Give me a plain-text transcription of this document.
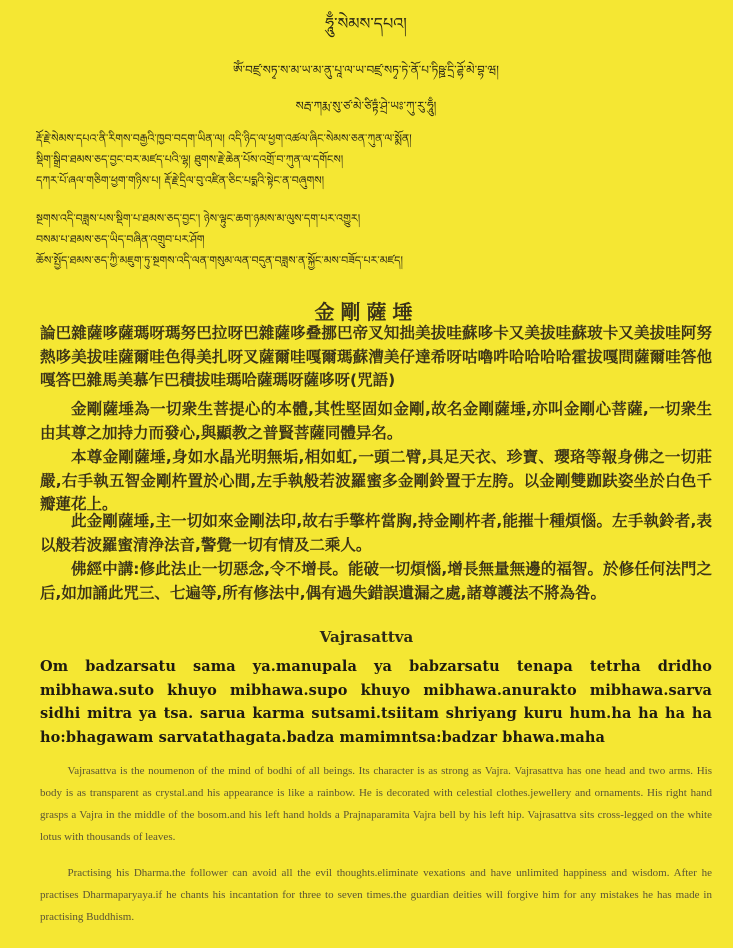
ཧཱུྃ་སེམས་དཔའ།
ཨོཾ་བཛྲ་སཏྭ་ས་མ་ཡ་མ་ནུ་པཱ་ལ་ཡ་བཛྲ་སཏྭ་ཏེ་ནོ་པ་ཏིཥྛ་དྲི་ཌྷོ་མེ་བྷ་ཝ།
སརྦ་ཀརྨ་སུ་ཙ་མེ་ཙིཏྟཾ་ཤྲེ་ཡཿ་ཀུ་རུ་ཧཱུྃ།
རྡོ་རྗེ་སེམས་དཔའ་ནི་རིགས་བརྒྱའི་ཁྱབ་བདག་ཡིན་ལ། འདི་ཉིད་ལ་ཕྱག་འཚལ་ཞིང་སེམས་ཅན་ཀུན་ལ་སྨོན།
སྡིག་སྒྲིབ་ཐམས་ཅད་བྱང་བར་མཛད་པའི་ལྷ། ཐུགས་རྗེ་ཆེན་པོས་འགྲོ་བ་ཀུན་ལ་དགོངས།
དཀར་པོ་ཞལ་གཅིག་ཕྱག་གཉིས་པ། རྡོ་རྗེ་དྲིལ་བུ་འཛིན་ཅིང་པདྨའི་སྟེང་ན་བཞུགས།
སྔགས་འདི་བཟླས་པས་སྡིག་པ་ཐམས་ཅད་བྱང་། ཉེས་ལྟུང་ཆག་ཉམས་མ་ལུས་དག་པར་འགྱུར།
བསམ་པ་ཐམས་ཅད་ཡིད་བཞིན་འགྲུབ་པར་ཤོག
ཆོས་སྤྱོད་ཐམས་ཅད་ཀྱི་མཇུག་ཏུ་སྔགས་འདི་ལན་གསུམ་ལན་བདུན་བཟླས་ན་སྐྱོང་མས་བཟོད་པར་མཛད།
金剛薩埵
論巴雜薩哆薩瑪呀瑪努巴拉呀巴雜薩哆叠挪巴帝叉知拙美拔哇蘇哆卡又美拔哇蘇玻卡又美拔哇阿努熱哆美拔哇薩爾哇色得美扎呀叉薩爾哇嘎爾瑪蘇漕美仔達希呀咕嚕吽哈哈哈哈霍拔嘎問薩爾哇答他嘎答巴雜馬美慕乍巴積拔哇瑪哈薩瑪呀薩哆呀(咒語)
金剛薩埵為一切衆生菩提心的本體,其性堅固如金剛,故名金剛薩埵,亦叫金剛心菩薩,一切衆生由其尊之加持力而發心,與顯教之普賢菩薩同體异名。
本尊金剛薩埵,身如水晶光明無垢,相如虹,一頭二臂,具足天衣、珍寶、瓔珞等報身佛之一切莊嚴,右手執五智金剛杵置於心間,左手執般若波羅蜜多金剛鈴置于左胯。以金剛雙跏趺姿坐於白色千瓣蓮花上。
此金剛薩埵,主一切如來金剛法印,故右手擎杵當胸,持金剛杵者,能摧十種煩惱。左手執鈴者,表以般若波羅蜜清浄法音,警覺一切有情及二乘人。
佛經中講:修此法止一切惡念,令不增長。能破一切煩惱,增長無量無邊的福智。於修任何法門之后,如加誦此咒三、七遍等,所有修法中,偶有過失錯誤遺漏之處,諸尊護法不將為咎。
Vajrasattva
Om badzarsatu sama ya.manupala ya babzarsatu tenapa tetrha dridho mibhawa.suto khuyo mibhawa.supo khuyo mibhawa.anurakto mibhawa.sarva sidhi mitra ya tsa. sarua karma sutsami.tsiitam shriyang kuru hum.ha ha ha ha ho:bhagawam sarvatathagata.badza mamimntsa:badzar bhawa.maha
Vajrasattva is the noumenon of the mind of bodhi of all beings. Its character is as strong as Vajra. Vajrasattva has one head and two arms. His body is as transparent as crystal.and his appearance is like a rainbow. He is decorated with celestial clothes.jewellery and ornaments. His right hand grasps a Vajra in the middle of the bosom.and his left hand holds a Prajnaparamita Vajra bell by his left hip. Vajrasattva sits cross-legged on the white lotus with thousands of leaves.
Practising his Dharma.the follower can avoid all the evil thoughts.eliminate vexations and have unlimited happiness and wisdom. After he practises Dharmaparyaya.if he chants his incantation for three to seven times.the guardian deities will forgive him for any mistakes he has made in practising Buddhism.
